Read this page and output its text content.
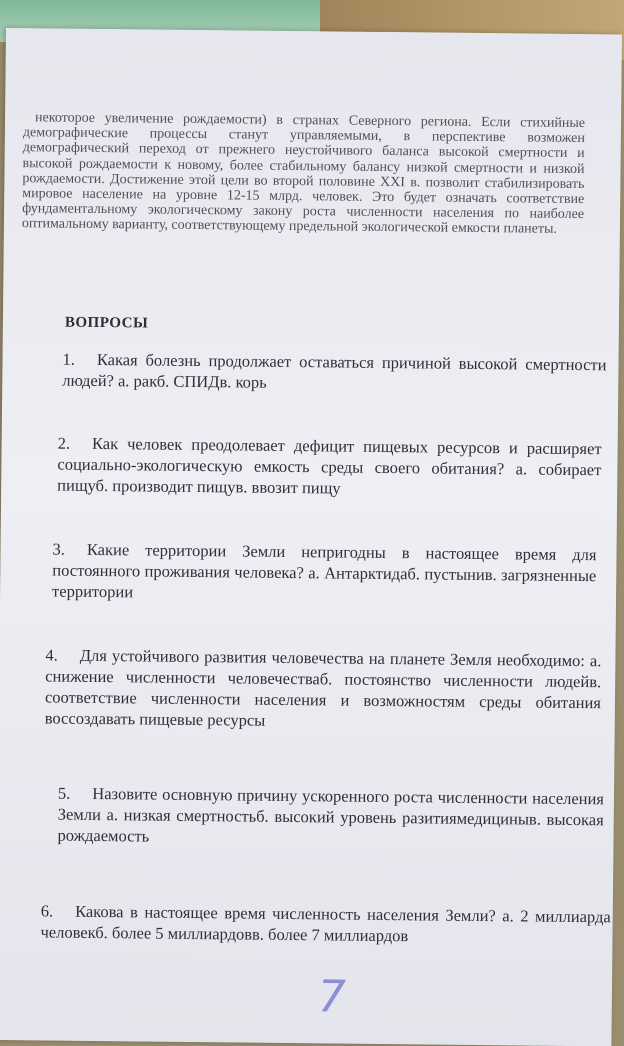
некоторое увеличение рождаемости) в странах Северного региона. Если стихийные демографические процессы станут управляемыми, в перспективе возможен демографический переход от прежнего неустойчивого баланса высокой смертности и высокой рождаемости к новому, более стабильному балансу низкой смертности и низкой рождаемости. Достижение этой цели во второй половине XXI в. позволит стабилизировать мировое население на уровне 12-15 млрд. человек. Это будет означать соответствие фундаментальному экологическому закону роста численности населения по наиболее оптимальному варианту, соответствующему предельной экологической емкости планеты.

ВОПРОСЫ
1. Какая болезнь продолжает оставаться причиной высокой смертности людей? а. ракб. СПИДв. корь
2. Как человек преодолевает дефицит пищевых ресурсов и расширяет социально-экологическую емкость среды своего обитания? а. собирает пищуб. производит пищув. ввозит пищу
3. Какие территории Земли непригодны в настоящее время для постоянного проживания человека? а. Антарктидаб. пустынив. загрязненные территории
4. Для устойчивого развития человечества на планете Земля необходимо: а. снижение численности человечестваб. постоянство численности людейв. соответствие численности населения и возможностям среды обитания воссоздавать пищевые ресурсы
5. Назовите основную причину ускоренного роста численности населения Земли а. низкая смертностьб. высокий уровень разитиямедициныв. высокая рождаемость
6. Какова в настоящее время численность населения Земли? а. 2 миллиарда человекб. более 5 миллиардовв. более 7 миллиардов
7
